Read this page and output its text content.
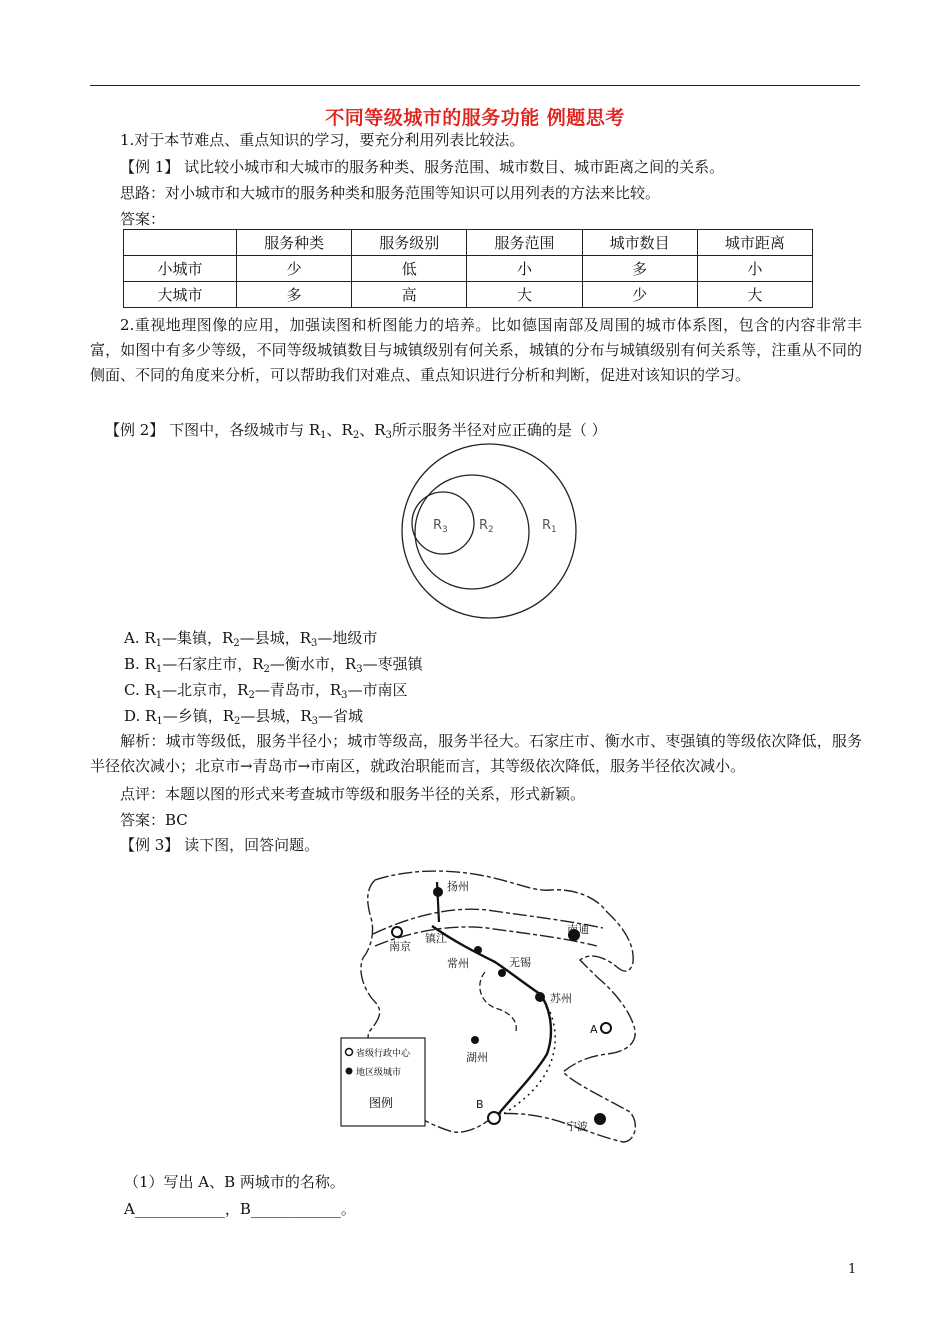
不同等级城市的服务功能 例题思考
1.对于本节难点、重点知识的学习，要充分利用列表比较法。
【例 1】 试比较小城市和大城市的服务种类、服务范围、城市数目、城市距离之间的关系。
思路：对小城市和大城市的服务种类和服务范围等知识可以用列表的方法来比较。
答案：
	服务种类	服务级别	服务范围	城市数目	城市距离
小城市	少	低	小	多	小
大城市	多	高	大	少	大
2.重视地理图像的应用，加强读图和析图能力的培养。比如德国南部及周围的城市体系图，包含的内容非常丰富，如图中有多少等级，不同等级城镇数目与城镇级别有何关系，城镇的分布与城镇级别有何关系等，注重从不同的侧面、不同的角度来分析，可以帮助我们对难点、重点知识进行分析和判断，促进对该知识的学习。
【例 2】 下图中，各级城市与 $R_1$、$R_2$、$R_3$所示服务半径对应正确的是（ ）
$R_3$ $R_2$	$R_1$
A. $R_1—$集镇，$R_2—$县城，$R_3—$地级市
B. $R_1—$石家庄市，$R_2—$衡水市，$R_3—$枣强镇
C. $R_1—$北京市，$R_2—$青岛市，$R_3—$市南区
D. $R_1—$乡镇，$R_2—$县城，$R_3—$省城
解析：城市等级低，服务半径小；城市等级高，服务半径大。石家庄市、衡水市、枣强镇的等级依次降低，服务半径依次减小；北京市→青岛市→市南区，就政治职能而言，其等级依次降低，服务半径依次减小。
点评：本题以图的形式来考查城市等级和服务半径的关系，形式新颖。
答案：BC
【例 3】 读下图，回答问题。
扬州
南京
镇江
南通
常州	无锡
苏州
A
湖州
B
宁波
省级行政中心
地区级城市
图例
（1）写出 A、B 两城市的名称。
A____________，B____________。
1
